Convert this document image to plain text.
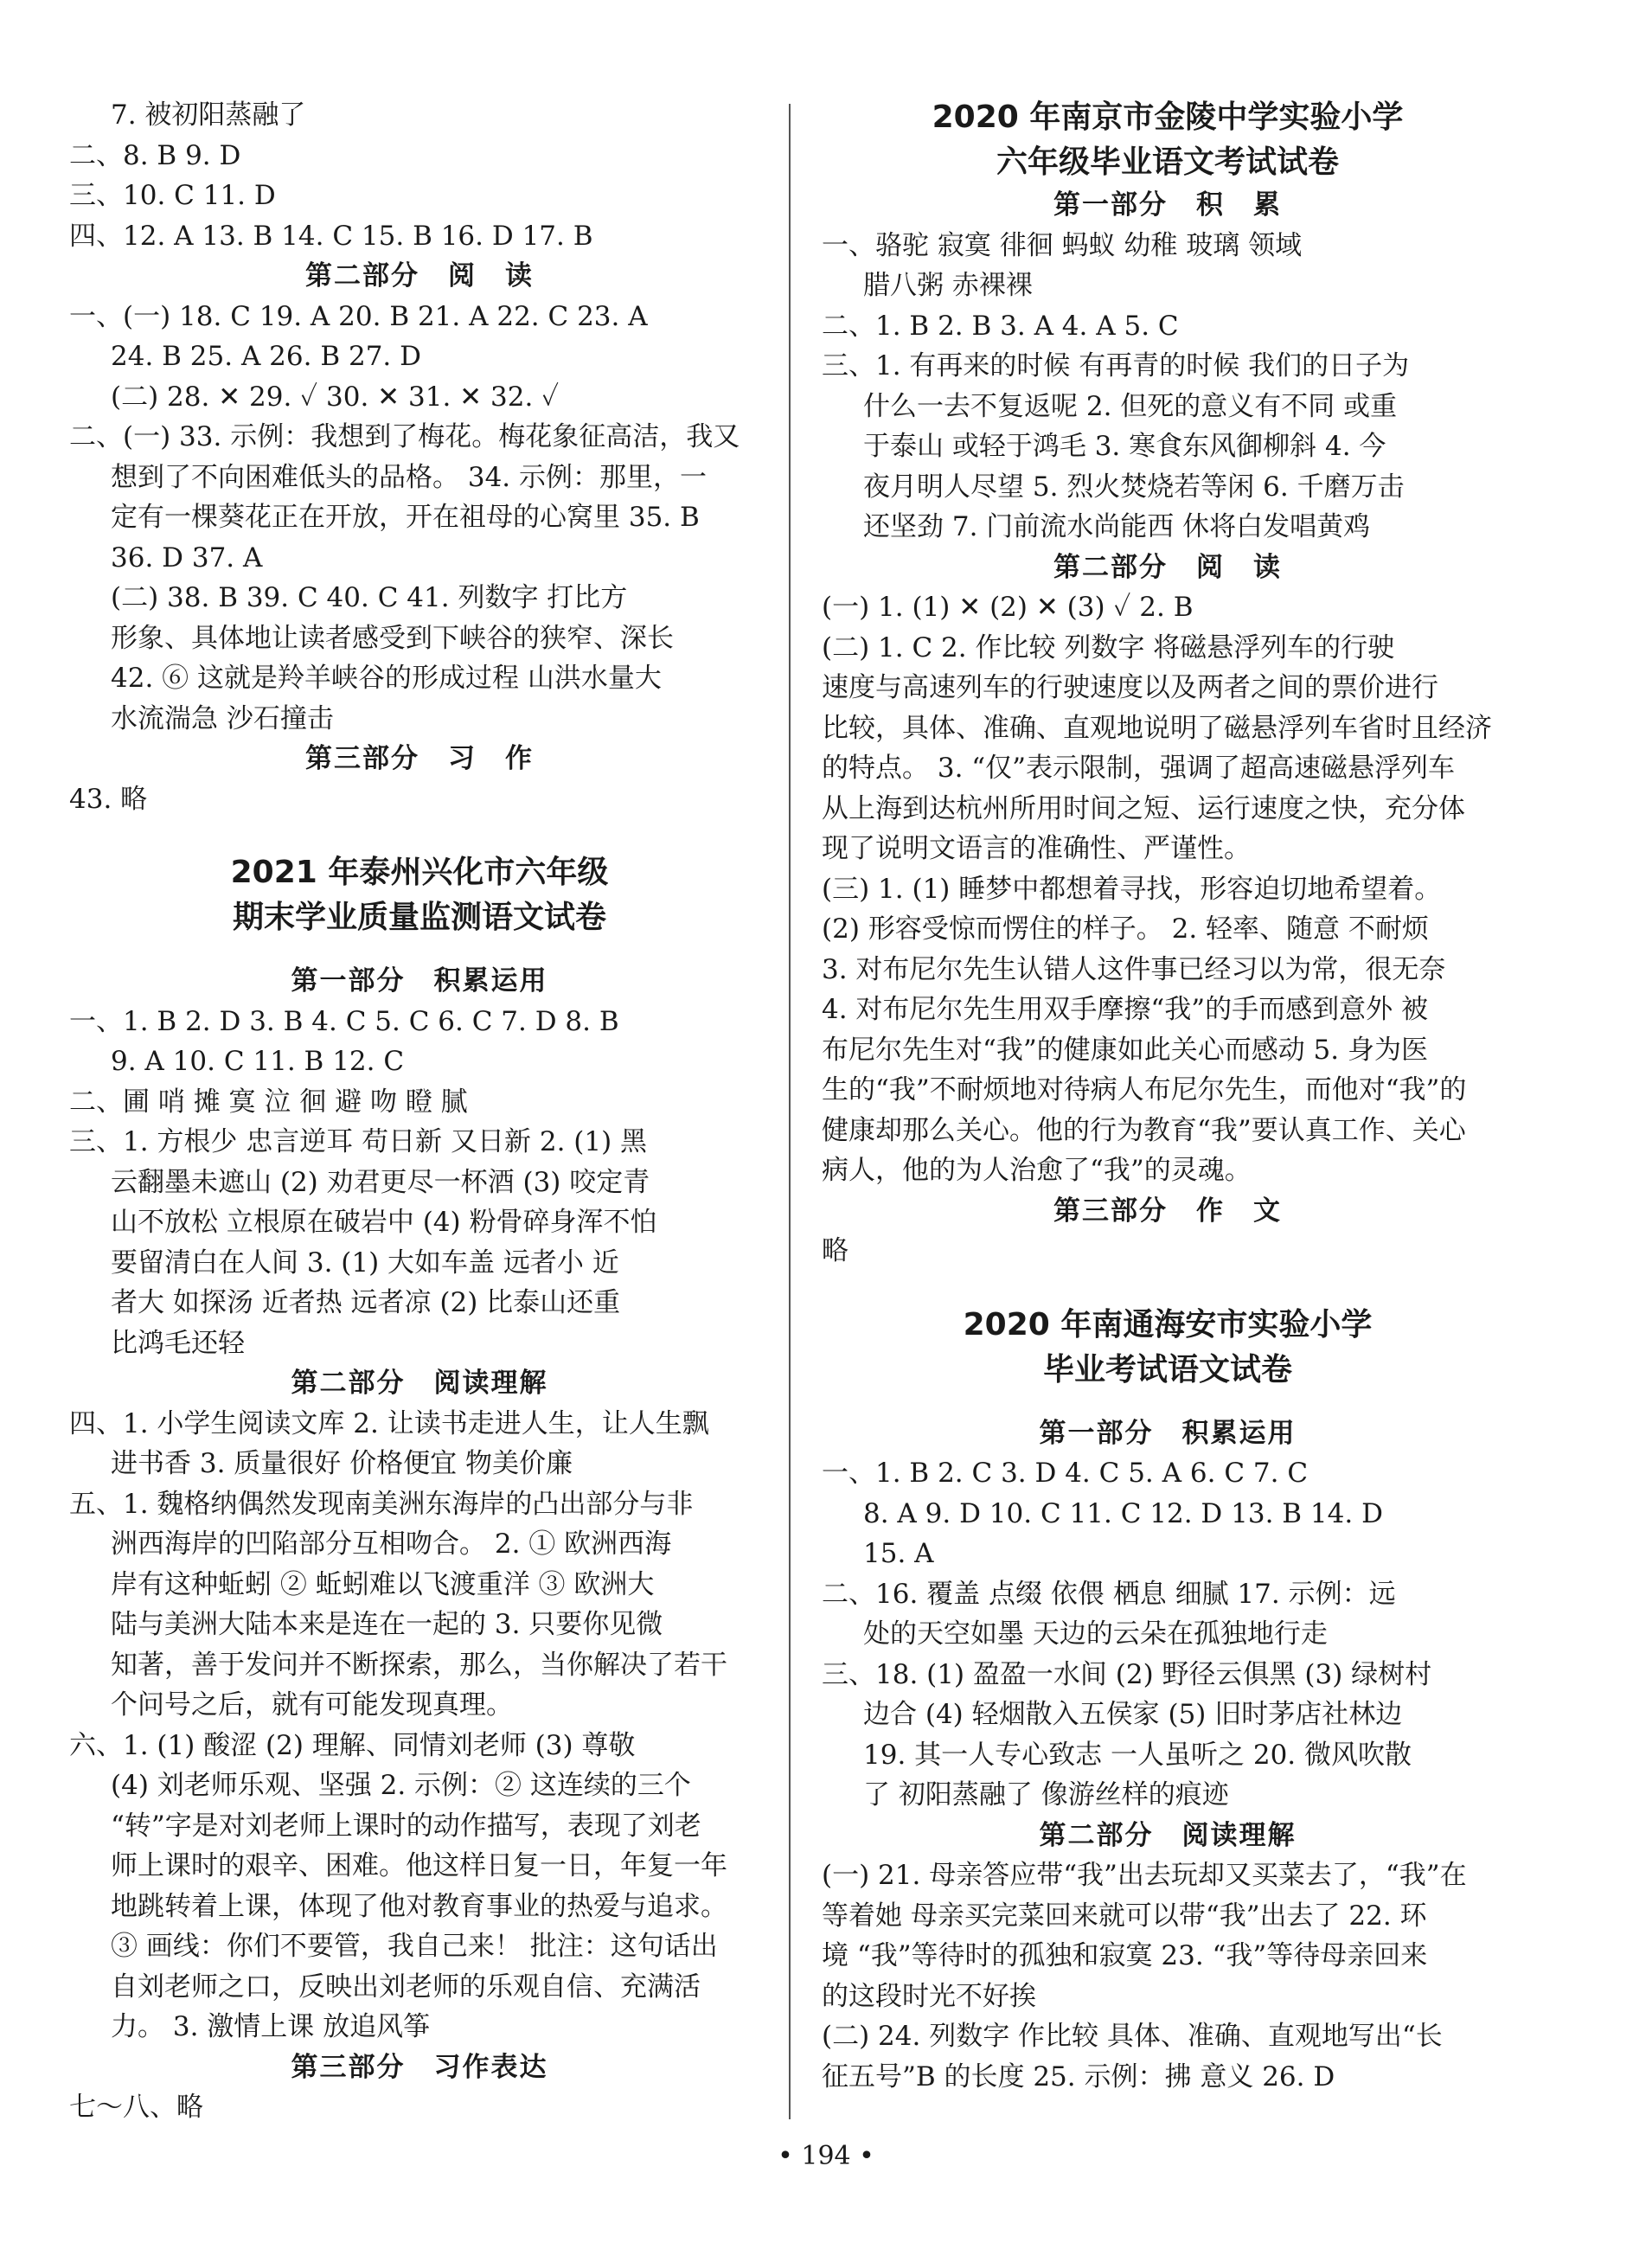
7. 被初阳蒸融了
二、8. B 9. D
三、10. C 11. D
四、12. A 13. B 14. C 15. B 16. D 17. B
第二部分　阅　读
一、(一) 18. C 19. A 20. B 21. A 22. C 23. A
24. B 25. A 26. B 27. D
(二) 28. ✕ 29. ✓ 30. ✕ 31. ✕ 32. ✓
二、(一) 33. 示例：我想到了梅花。梅花象征高洁，我又
想到了不向困难低头的品格。 34. 示例：那里，一
定有一棵葵花正在开放，开在祖母的心窝里 35. B
36. D 37. A
(二) 38. B 39. C 40. C 41. 列数字 打比方
形象、具体地让读者感受到下峡谷的狭窄、深长
42. ⑥ 这就是羚羊峡谷的形成过程 山洪水量大
水流湍急 沙石撞击
第三部分　习　作
43. 略
2021 年泰州兴化市六年级
期末学业质量监测语文试卷
第一部分　积累运用
一、1. B 2. D 3. B 4. C 5. C 6. C 7. D 8. B
9. A 10. C 11. B 12. C
二、圃 哨 摊 寞 泣 徊 避 吻 瞪 腻
三、1. 方根少 忠言逆耳 苟日新 又日新 2. (1) 黑
云翻墨未遮山 (2) 劝君更尽一杯酒 (3) 咬定青
山不放松 立根原在破岩中 (4) 粉骨碎身浑不怕
要留清白在人间 3. (1) 大如车盖 远者小 近
者大 如探汤 近者热 远者凉 (2) 比泰山还重
比鸿毛还轻
第二部分　阅读理解
四、1. 小学生阅读文库 2. 让读书走进人生，让人生飘
进书香 3. 质量很好 价格便宜 物美价廉
五、1. 魏格纳偶然发现南美洲东海岸的凸出部分与非
洲西海岸的凹陷部分互相吻合。 2. ① 欧洲西海
岸有这种蚯蚓 ② 蚯蚓难以飞渡重洋 ③ 欧洲大
陆与美洲大陆本来是连在一起的 3. 只要你见微
知著，善于发问并不断探索，那么，当你解决了若干
个问号之后，就有可能发现真理。
六、1. (1) 酸涩 (2) 理解、同情刘老师 (3) 尊敬
(4) 刘老师乐观、坚强 2. 示例：② 这连续的三个
“转”字是对刘老师上课时的动作描写，表现了刘老
师上课时的艰辛、困难。他这样日复一日，年复一年
地跳转着上课，体现了他对教育事业的热爱与追求。
③ 画线：你们不要管，我自己来！ 批注：这句话出
自刘老师之口，反映出刘老师的乐观自信、充满活
力。 3. 激情上课 放追风筝
第三部分　习作表达
七～八、略
2020 年南京市金陵中学实验小学
六年级毕业语文考试试卷
第一部分　积　累
一、骆驼 寂寞 徘徊 蚂蚁 幼稚 玻璃 领域
腊八粥 赤裸裸
二、1. B 2. B 3. A 4. A 5. C
三、1. 有再来的时候 有再青的时候 我们的日子为
什么一去不复返呢 2. 但死的意义有不同 或重
于泰山 或轻于鸿毛 3. 寒食东风御柳斜 4. 今
夜月明人尽望 5. 烈火焚烧若等闲 6. 千磨万击
还坚劲 7. 门前流水尚能西 休将白发唱黄鸡
第二部分　阅　读
(一) 1. (1) ✕ (2) ✕ (3) ✓ 2. B
(二) 1. C 2. 作比较 列数字 将磁悬浮列车的行驶
速度与高速列车的行驶速度以及两者之间的票价进行
比较，具体、准确、直观地说明了磁悬浮列车省时且经济
的特点。 3. “仅”表示限制，强调了超高速磁悬浮列车
从上海到达杭州所用时间之短、运行速度之快，充分体
现了说明文语言的准确性、严谨性。
(三) 1. (1) 睡梦中都想着寻找，形容迫切地希望着。
(2) 形容受惊而愣住的样子。 2. 轻率、随意 不耐烦
3. 对布尼尔先生认错人这件事已经习以为常，很无奈
4. 对布尼尔先生用双手摩擦“我”的手而感到意外 被
布尼尔先生对“我”的健康如此关心而感动 5. 身为医
生的“我”不耐烦地对待病人布尼尔先生，而他对“我”的
健康却那么关心。他的行为教育“我”要认真工作、关心
病人，他的为人治愈了“我”的灵魂。
第三部分　作　文
略
2020 年南通海安市实验小学
毕业考试语文试卷
第一部分　积累运用
一、1. B 2. C 3. D 4. C 5. A 6. C 7. C
8. A 9. D 10. C 11. C 12. D 13. B 14. D
15. A
二、16. 覆盖 点缀 依偎 栖息 细腻 17. 示例：远
处的天空如墨 天边的云朵在孤独地行走
三、18. (1) 盈盈一水间 (2) 野径云俱黑 (3) 绿树村
边合 (4) 轻烟散入五侯家 (5) 旧时茅店社林边
19. 其一人专心致志 一人虽听之 20. 微风吹散
了 初阳蒸融了 像游丝样的痕迹
第二部分　阅读理解
(一) 21. 母亲答应带“我”出去玩却又买菜去了，“我”在
等着她 母亲买完菜回来就可以带“我”出去了 22. 环
境 “我”等待时的孤独和寂寞 23. “我”等待母亲回来
的这段时光不好挨
(二) 24. 列数字 作比较 具体、准确、直观地写出“长
征五号”B 的长度 25. 示例：拂 意义 26. D
• 194 •
